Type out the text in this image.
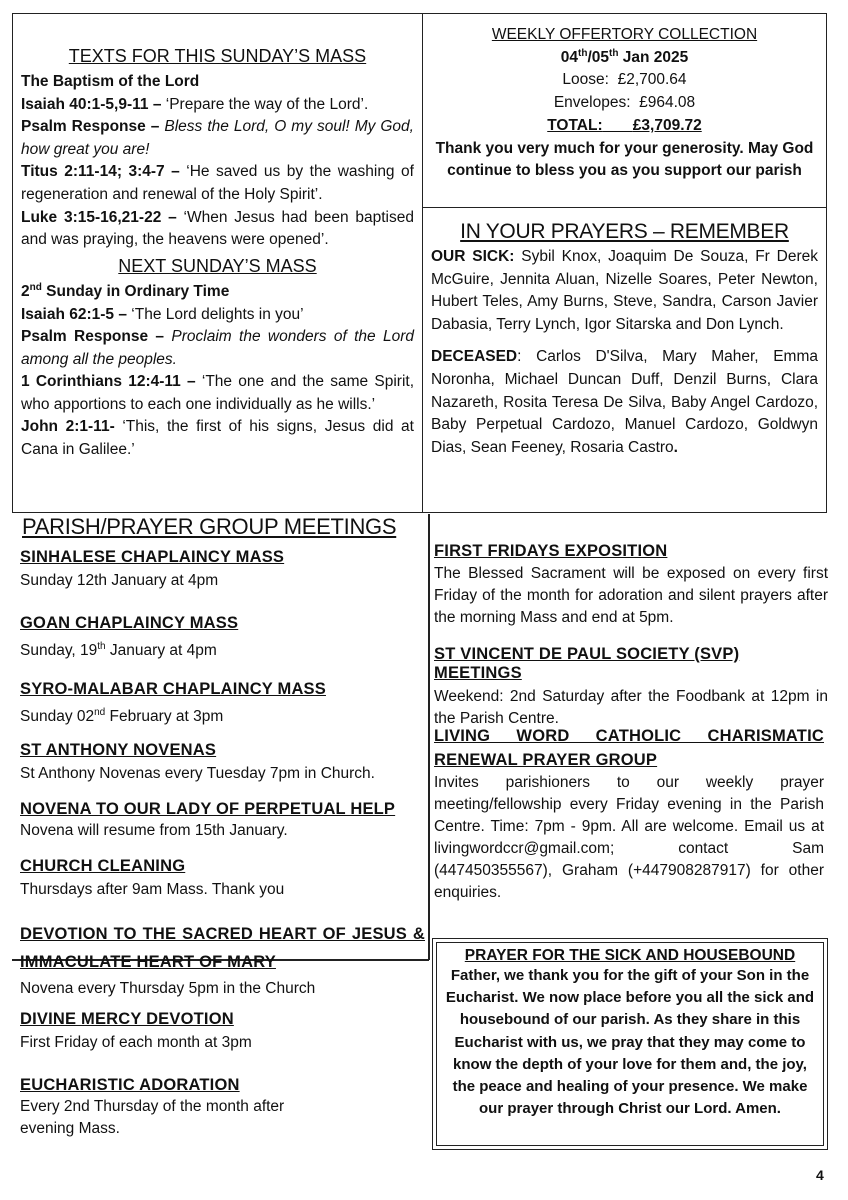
TEXTS FOR THIS SUNDAY’S MASS

The Baptism of the Lord

Isaiah 40:1-5,9-11 – ‘Prepare the way of the Lord’.

Psalm Response – Bless the Lord, O my soul! My God, how great you are!

Titus 2:11-14; 3:4-7 – ‘He saved us by the washing of regeneration and renewal of the Holy Spirit’.

Luke 3:15-16,21-22 – ‘When Jesus had been baptised and was praying, the heavens were opened’.

NEXT SUNDAY’S MASS

2nd Sunday in Ordinary Time

Isaiah 62:1-5 – ‘The Lord delights in you’

Psalm Response – Proclaim the wonders of the Lord among all the peoples.

1 Corinthians 12:4-11 – ‘The one and the same Spirit, who apportions to each one individually as he wills.’

John 2:1-11- ‘This, the first of his signs, Jesus did at Cana in Galilee.’

WEEKLY OFFERTORY COLLECTION
04th/05th Jan 2025
Loose: £2,700.64
Envelopes: £964.08
TOTAL: £3,709.72
Thank you very much for your generosity. May God continue to bless you as you support our parish
IN YOUR PRAYERS – REMEMBER

OUR SICK: Sybil Knox, Joaquim De Souza, Fr Derek McGuire, Jennita Aluan, Nizelle Soares, Peter Newton, Hubert Teles, Amy Burns, Steve, Sandra, Carson Javier Dabasia, Terry Lynch, Igor Sitarska and Don Lynch.

DECEASED: Carlos D'Silva, Mary Maher, Emma Noronha, Michael Duncan Duff, Denzil Burns, Clara Nazareth, Rosita Teresa De Silva, Baby Angel Cardozo, Baby Perpetual Cardozo, Manuel Cardozo, Goldwyn Dias, Sean Feeney, Rosaria Castro.

PARISH/PRAYER GROUP MEETINGS
SINHALESE CHAPLAINCY MASS
Sunday 12th January at 4pm
GOAN CHAPLAINCY MASS
Sunday, 19th January at 4pm
SYRO-MALABAR CHAPLAINCY MASS
Sunday 02nd February at 3pm
ST ANTHONY NOVENAS
St Anthony Novenas every Tuesday 7pm in Church.
NOVENA TO OUR LADY OF PERPETUAL HELP
Novena will resume from 15th January.
CHURCH CLEANING
Thursdays after 9am Mass. Thank you
DEVOTION TO THE SACRED HEART OF JESUS & IMMACULATE HEART OF MARY
Novena every Thursday 5pm in the Church
DIVINE MERCY DEVOTION
First Friday of each month at 3pm
EUCHARISTIC ADORATION
Every 2nd Thursday of the month after evening Mass.
FIRST FRIDAYS EXPOSITION
The Blessed Sacrament will be exposed on every first Friday of the month for adoration and silent prayers after the morning Mass and end at 5pm.
ST VINCENT DE PAUL SOCIETY (SVP) MEETINGS
Weekend: 2nd Saturday after the Foodbank at 12pm in the Parish Centre.
LIVING WORD CATHOLIC CHARISMATIC RENEWAL PRAYER GROUP
Invites parishioners to our weekly prayer meeting/fellowship every Friday evening in the Parish Centre. Time: 7pm - 9pm. All are welcome. Email us at livingwordccr@gmail.com; contact Sam (447450355567), Graham (+447908287917) for other enquiries.
PRAYER FOR THE SICK AND HOUSEBOUND
Father, we thank you for the gift of your Son in the Eucharist. We now place before you all the sick and housebound of our parish. As they share in this Eucharist with us, we pray that they may come to know the depth of your love for them and, the joy, the peace and healing of your presence. We make our prayer through Christ our Lord. Amen.
4
